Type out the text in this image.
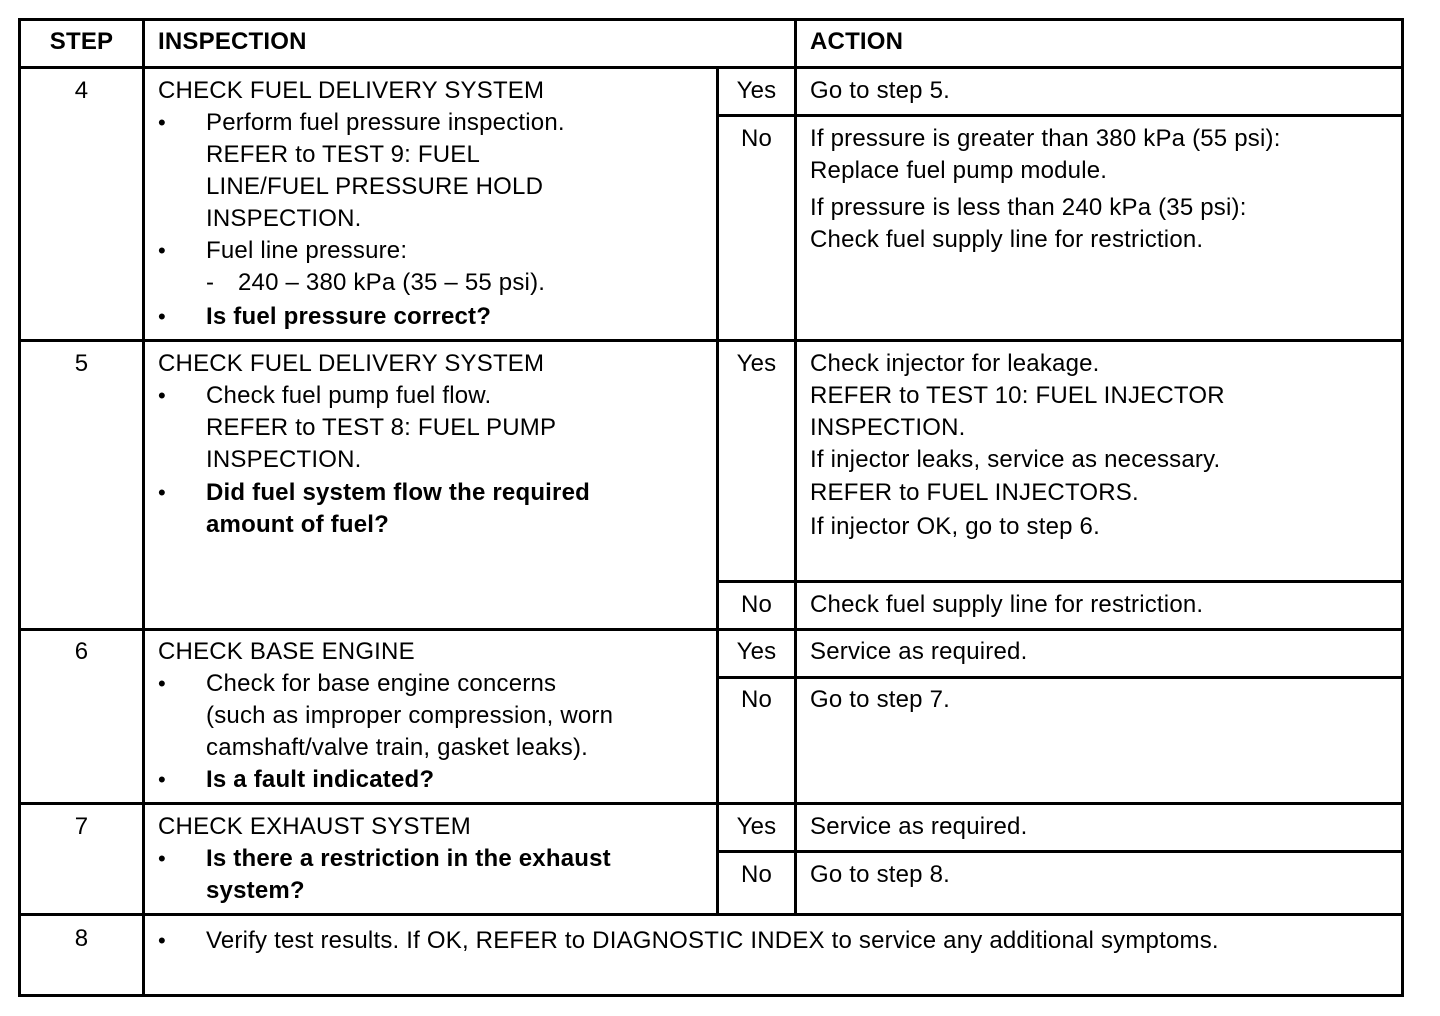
STEP	INSPECTION	ACTION
4	CHECK FUEL DELIVERY SYSTEM
• Perform fuel pressure inspection.
REFER to TEST 9: FUEL
LINE/FUEL PRESSURE HOLD
INSPECTION.
• Fuel line pressure:
- 240 – 380 kPa (35 – 55 psi).
• Is fuel pressure correct?
Yes	Go to step 5.
No	If pressure is greater than 380 kPa (55 psi):
Replace fuel pump module.
If pressure is less than 240 kPa (35 psi):
Check fuel supply line for restriction.
5	CHECK FUEL DELIVERY SYSTEM
• Check fuel pump fuel flow.
REFER to TEST 8: FUEL PUMP
INSPECTION.
• Did fuel system flow the required
amount of fuel?
Yes	Check injector for leakage.
REFER to TEST 10: FUEL INJECTOR
INSPECTION.
If injector leaks, service as necessary.
REFER to FUEL INJECTORS.
If injector OK, go to step 6.
No	Check fuel supply line for restriction.
6	CHECK BASE ENGINE
• Check for base engine concerns
(such as improper compression, worn
camshaft/valve train, gasket leaks).
• Is a fault indicated?
Yes	Service as required.
No	Go to step 7.
7	CHECK EXHAUST SYSTEM
• Is there a restriction in the exhaust
system?
Yes	Service as required.
No	Go to step 8.
8	• Verify test results. If OK, REFER to DIAGNOSTIC INDEX to service any additional symptoms.
